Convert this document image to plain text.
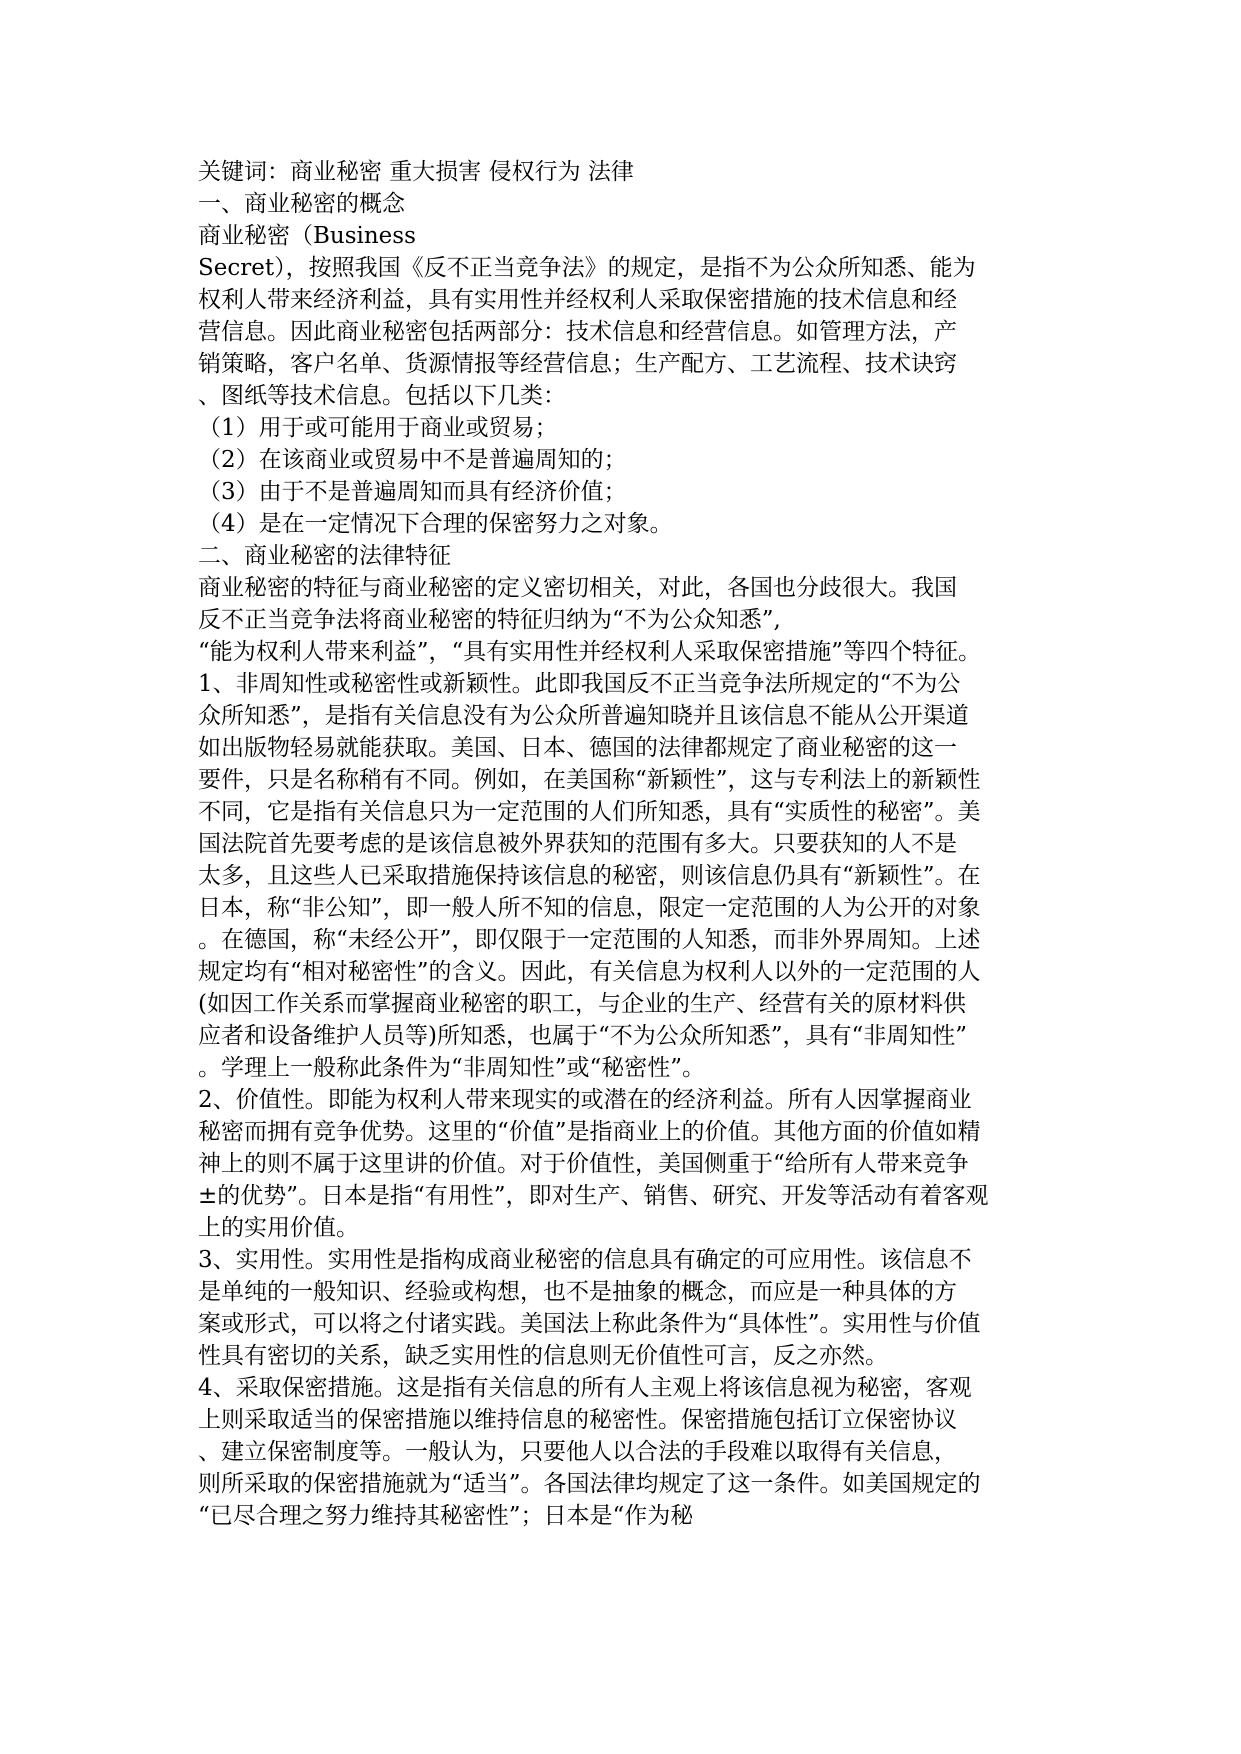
关键词：商业秘密 重大损害 侵权行为 法律
一、商业秘密的概念
商业秘密（Business
Secret），按照我国《反不正当竞争法》的规定，是指不为公众所知悉、能为
权利人带来经济利益，具有实用性并经权利人采取保密措施的技术信息和经
营信息。因此商业秘密包括两部分：技术信息和经营信息。如管理方法，产
销策略，客户名单、货源情报等经营信息；生产配方、工艺流程、技术诀窍
、图纸等技术信息。包括以下几类：
（1）用于或可能用于商业或贸易；
（2）在该商业或贸易中不是普遍周知的；
（3）由于不是普遍周知而具有经济价值；
（4）是在一定情况下合理的保密努力之对象。
二、商业秘密的法律特征
商业秘密的特征与商业秘密的定义密切相关，对此，各国也分歧很大。我国
反不正当竞争法将商业秘密的特征归纳为“不为公众知悉”,
“能为权利人带来利益”，“具有实用性并经权利人采取保密措施”等四个特征。
1、非周知性或秘密性或新颖性。此即我国反不正当竞争法所规定的“不为公
众所知悉”，是指有关信息没有为公众所普遍知晓并且该信息不能从公开渠道
如出版物轻易就能获取。美国、日本、德国的法律都规定了商业秘密的这一
要件，只是名称稍有不同。例如，在美国称“新颖性”，这与专利法上的新颖性
不同，它是指有关信息只为一定范围的人们所知悉，具有“实质性的秘密”。美
国法院首先要考虑的是该信息被外界获知的范围有多大。只要获知的人不是
太多，且这些人已采取措施保持该信息的秘密，则该信息仍具有“新颖性”。在
日本，称“非公知”，即一般人所不知的信息，限定一定范围的人为公开的对象
。在德国，称“未经公开”，即仅限于一定范围的人知悉，而非外界周知。上述
规定均有“相对秘密性”的含义。因此，有关信息为权利人以外的一定范围的人
(如因工作关系而掌握商业秘密的职工，与企业的生产、经营有关的原材料供
应者和设备维护人员等)所知悉，也属于“不为公众所知悉”，具有“非周知性”
。学理上一般称此条件为“非周知性”或“秘密性”。
2、价值性。即能为权利人带来现实的或潜在的经济利益。所有人因掌握商业
秘密而拥有竞争优势。这里的“价值”是指商业上的价值。其他方面的价值如精
神上的则不属于这里讲的价值。对于价值性，美国侧重于“给所有人带来竞争
±的优势”。日本是指“有用性”，即对生产、销售、研究、开发等活动有着客观
上的实用价值。
3、实用性。实用性是指构成商业秘密的信息具有确定的可应用性。该信息不
是单纯的一般知识、经验或构想，也不是抽象的概念，而应是一种具体的方
案或形式，可以将之付诸实践。美国法上称此条件为“具体性”。实用性与价值
性具有密切的关系，缺乏实用性的信息则无价值性可言，反之亦然。
4、采取保密措施。这是指有关信息的所有人主观上将该信息视为秘密，客观
上则采取适当的保密措施以维持信息的秘密性。保密措施包括订立保密协议
、建立保密制度等。一般认为，只要他人以合法的手段难以取得有关信息，
则所采取的保密措施就为“适当”。各国法律均规定了这一条件。如美国规定的
“已尽合理之努力维持其秘密性”；日本是“作为秘
